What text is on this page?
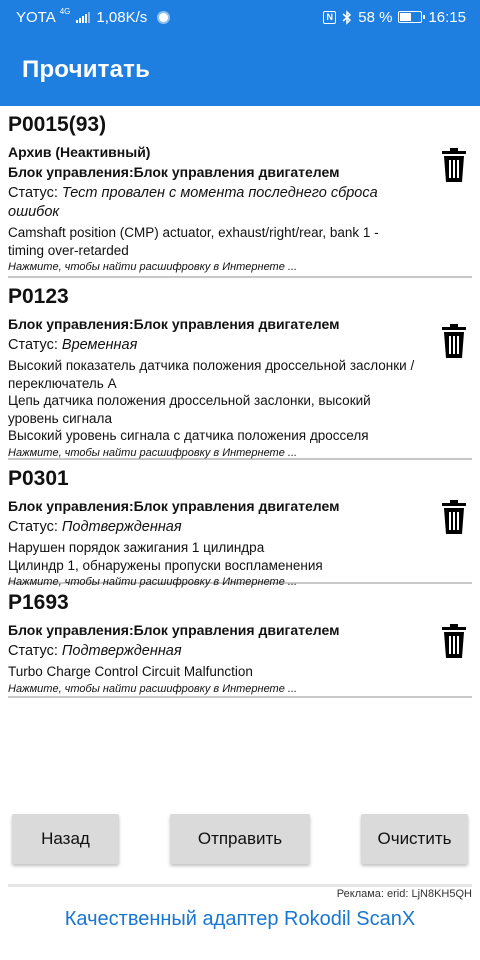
YOTA 4G 1,08K/s	N 58 % 16:15
Прочитать
P0015(93)
Архив (Неактивный)
Блок управления:Блок управления двигателем
Статус: Тест провален с момента последнего сброса ошибок
Camshaft position (CMP) actuator, exhaust/right/rear, bank 1 - timing over-retarded
Нажмите, чтобы найти расшифровку в Интернете ...
P0123
Блок управления:Блок управления двигателем
Статус: Временная
Высокий показатель датчика положения дроссельной заслонки / переключатель А
Цепь датчика положения дроссельной заслонки, высокий уровень сигнала
Высокий уровень сигнала с датчика положения дросселя
Нажмите, чтобы найти расшифровку в Интернете ...
P0301
Блок управления:Блок управления двигателем
Статус: Подтвержденная
Нарушен порядок зажигания 1 цилиндра
Цилиндр 1, обнаружены пропуски воспламенения
Нажмите, чтобы найти расшифровку в Интернете ...
P1693
Блок управления:Блок управления двигателем
Статус: Подтвержденная
Turbo Charge Control Circuit Malfunction
Нажмите, чтобы найти расшифровку в Интернете ...
Назад	Отправить	Очистить
Реклама: erid: LjN8KH5QH
Качественный адаптер Rokodil ScanX
